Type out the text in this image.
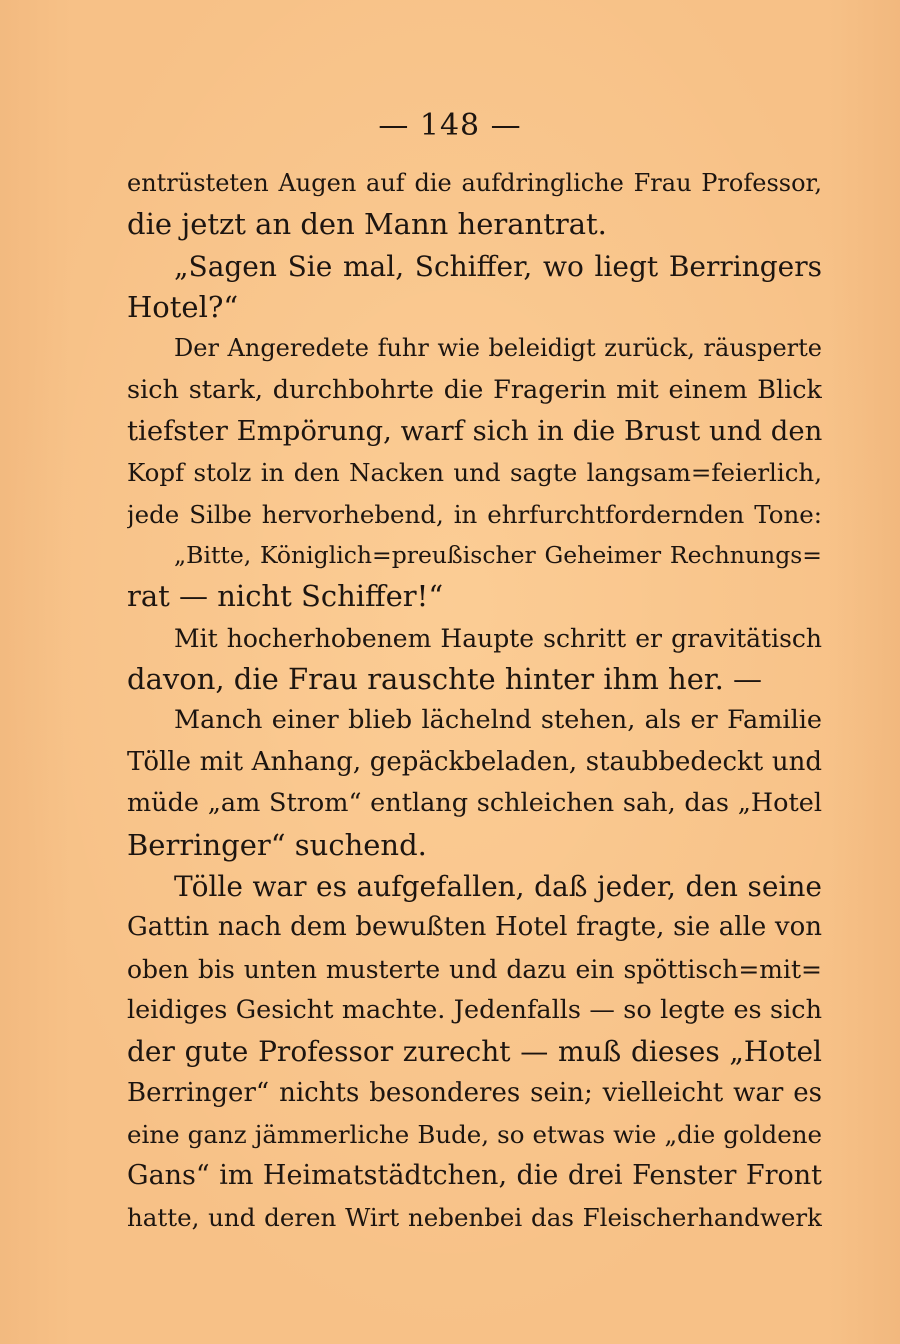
— 148 —
entrüsteten Augen auf die aufdringliche Frau Professor,
die jetzt an den Mann herantrat.
„Sagen Sie mal, Schiffer, wo liegt Berringers
Hotel?“
Der Angeredete fuhr wie beleidigt zurück, räusperte
sich stark, durchbohrte die Fragerin mit einem Blick
tiefster Empörung, warf sich in die Brust und den
Kopf stolz in den Nacken und sagte langsam=feierlich,
jede Silbe hervorhebend, in ehrfurchtfordernden Tone:
„Bitte, Königlich=preußischer Geheimer Rechnungs=
rat — nicht Schiffer!“
Mit hocherhobenem Haupte schritt er gravitätisch
davon, die Frau rauschte hinter ihm her. —
Manch einer blieb lächelnd stehen, als er Familie
Tölle mit Anhang, gepäckbeladen, staubbedeckt und
müde „am Strom“ entlang schleichen sah, das „Hotel
Berringer“ suchend.
Tölle war es aufgefallen, daß jeder, den seine
Gattin nach dem bewußten Hotel fragte, sie alle von
oben bis unten musterte und dazu ein spöttisch=mit=
leidiges Gesicht machte. Jedenfalls — so legte es sich
der gute Professor zurecht — muß dieses „Hotel
Berringer“ nichts besonderes sein; vielleicht war es
eine ganz jämmerliche Bude, so etwas wie „die goldene
Gans“ im Heimatstädtchen, die drei Fenster Front
hatte, und deren Wirt nebenbei das Fleischerhandwerk
